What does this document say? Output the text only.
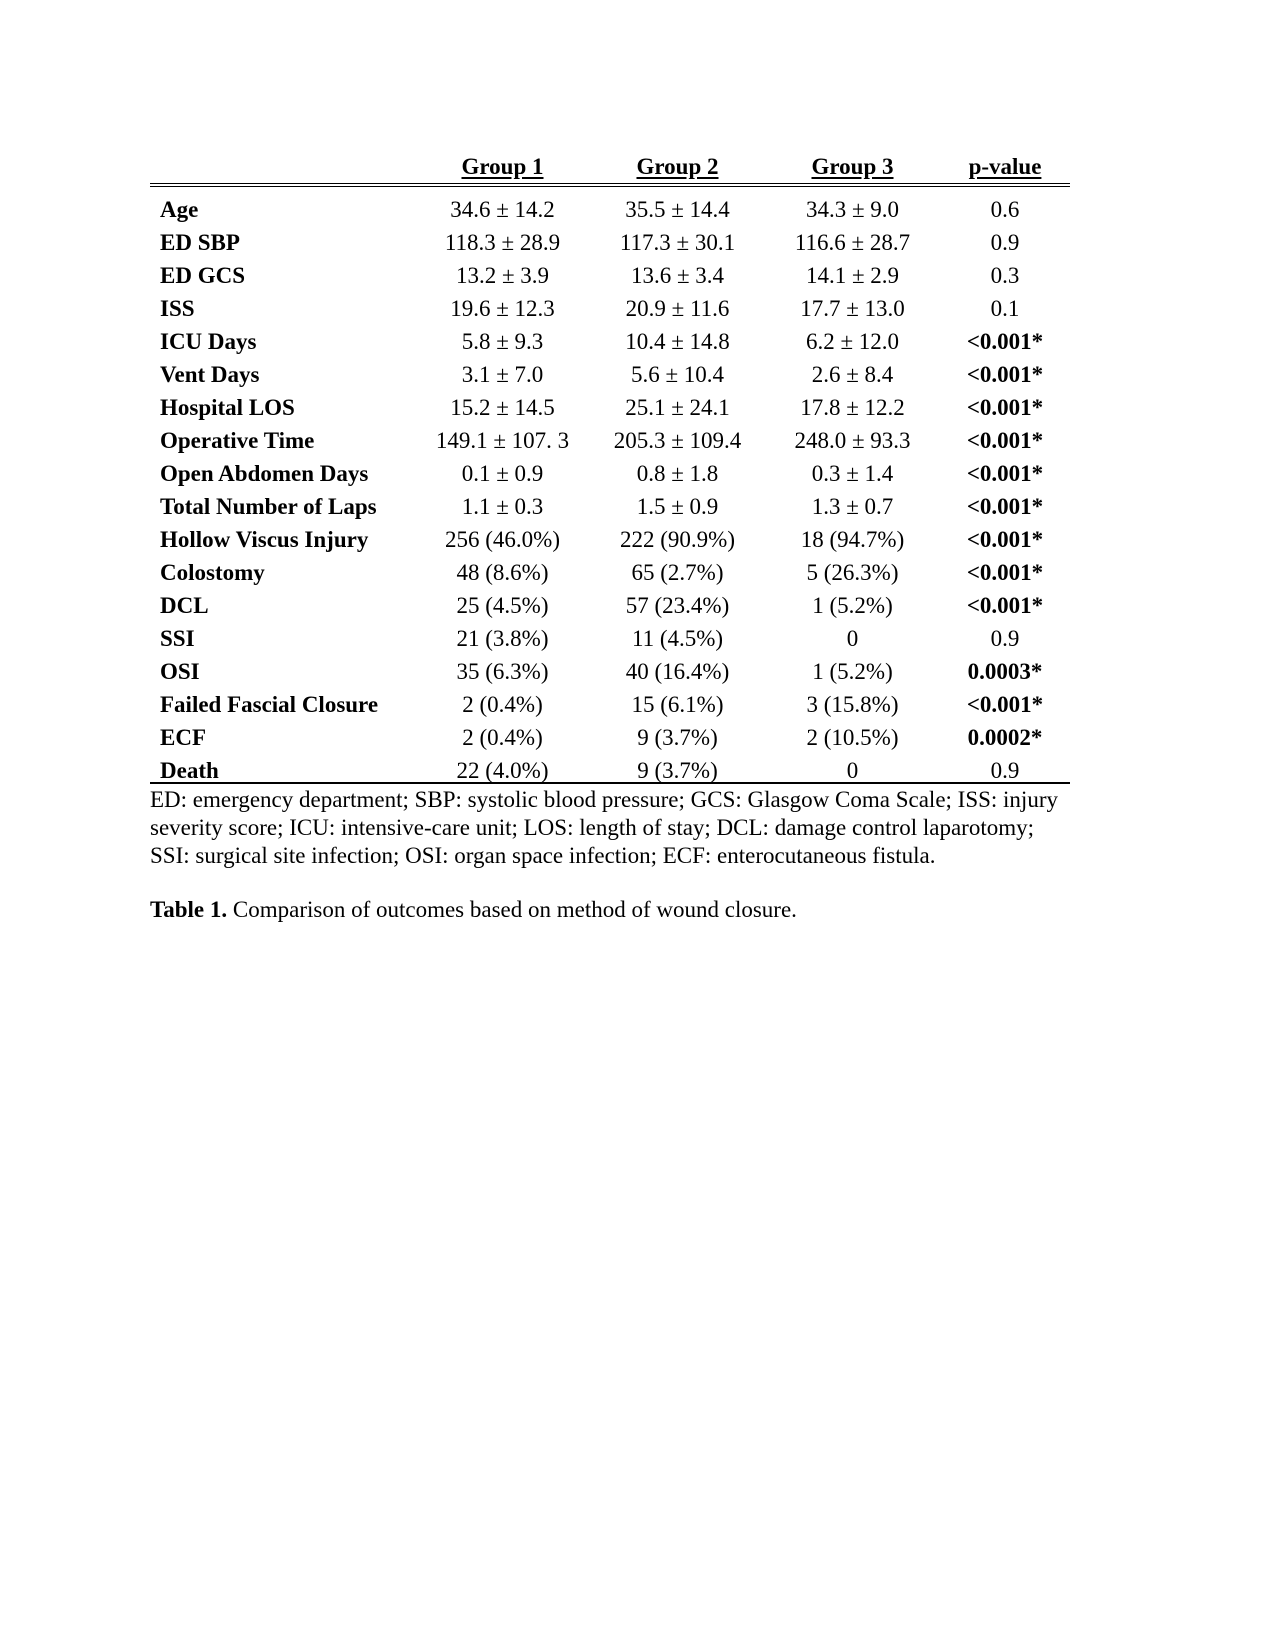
	Group 1	Group 2	Group 3	p-value
Age	34.6 ± 14.2	35.5 ± 14.4	34.3 ± 9.0	0.6
ED SBP	118.3 ± 28.9	117.3 ± 30.1	116.6 ± 28.7	0.9
ED GCS	13.2 ± 3.9	13.6 ± 3.4	14.1 ± 2.9	0.3
ISS	19.6 ± 12.3	20.9 ± 11.6	17.7 ± 13.0	0.1
ICU Days	5.8 ± 9.3	10.4 ± 14.8	6.2 ± 12.0	<0.001*
Vent Days	3.1 ± 7.0	5.6 ± 10.4	2.6 ± 8.4	<0.001*
Hospital LOS	15.2 ± 14.5	25.1 ± 24.1	17.8 ± 12.2	<0.001*
Operative Time	149.1 ± 107. 3	205.3 ± 109.4	248.0 ± 93.3	<0.001*
Open Abdomen Days	0.1 ± 0.9	0.8 ± 1.8	0.3 ± 1.4	<0.001*
Total Number of Laps	1.1 ± 0.3	1.5 ± 0.9	1.3 ± 0.7	<0.001*
Hollow Viscus Injury	256 (46.0%)	222 (90.9%)	18 (94.7%)	<0.001*
Colostomy	48 (8.6%)	65 (2.7%)	5 (26.3%)	<0.001*
DCL	25 (4.5%)	57 (23.4%)	1 (5.2%)	<0.001*
SSI	21 (3.8%)	11 (4.5%)	0	0.9
OSI	35 (6.3%)	40 (16.4%)	1 (5.2%)	0.0003*
Failed Fascial Closure	2 (0.4%)	15 (6.1%)	3 (15.8%)	<0.001*
ECF	2 (0.4%)	9 (3.7%)	2 (10.5%)	0.0002*
Death	22 (4.0%)	9 (3.7%)	0	0.9

ED: emergency department; SBP: systolic blood pressure; GCS: Glasgow Coma Scale; ISS: injury severity score; ICU: intensive-care unit; LOS: length of stay; DCL: damage control laparotomy; SSI: surgical site infection; OSI: organ space infection; ECF: enterocutaneous fistula.

Table 1. Comparison of outcomes based on method of wound closure.
